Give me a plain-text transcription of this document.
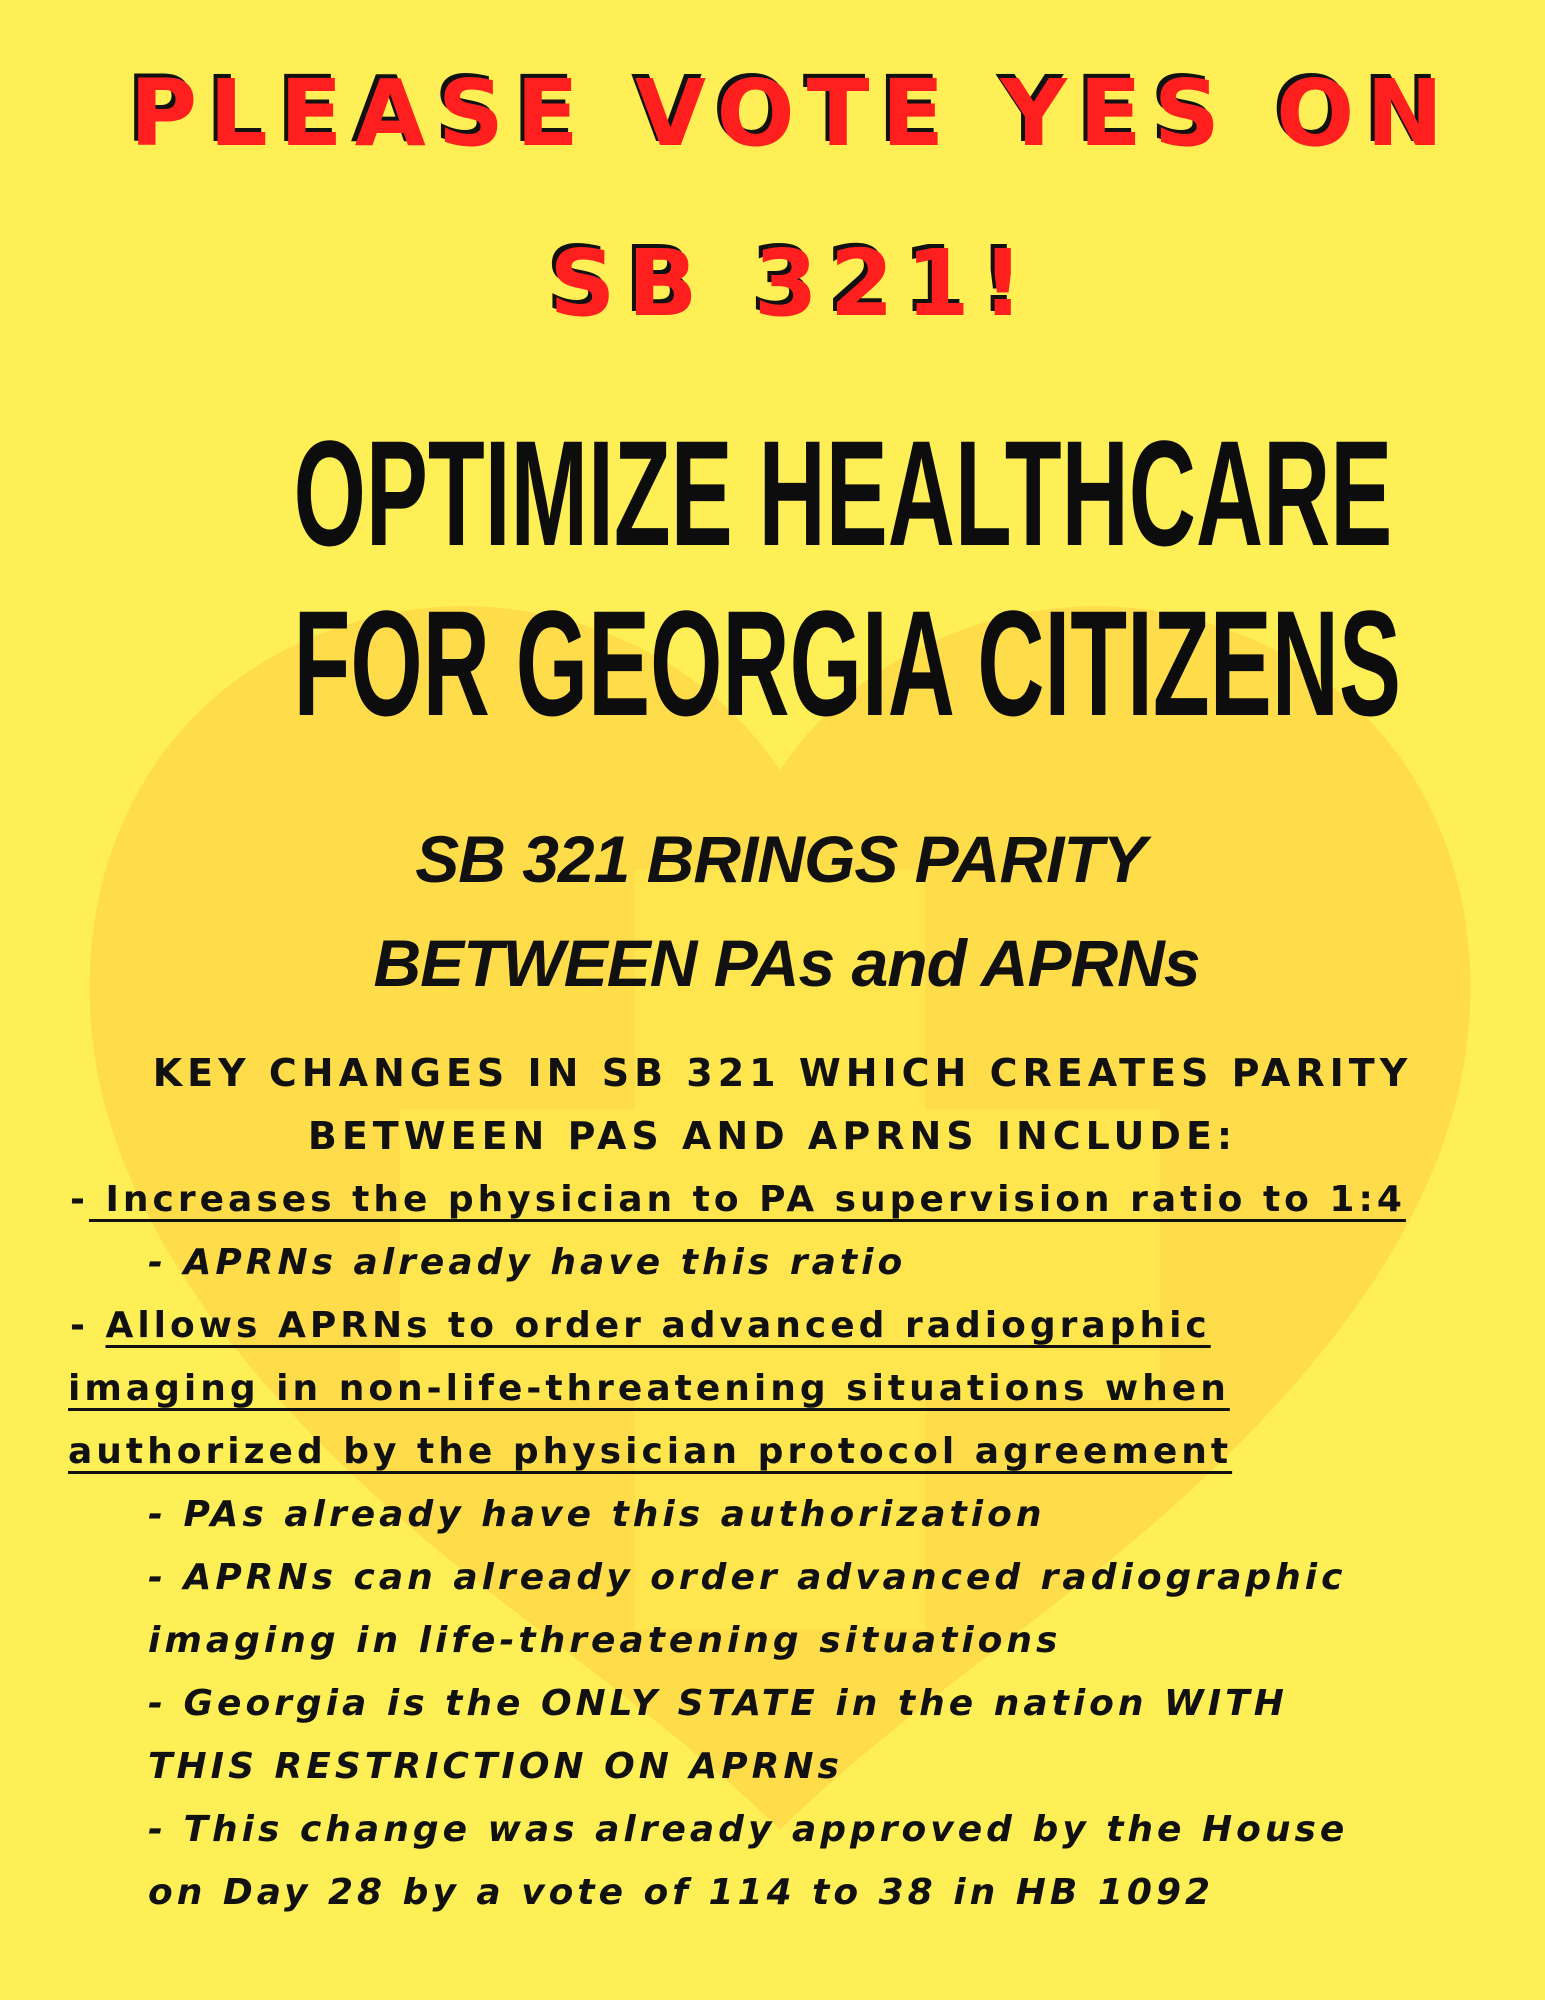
PLEASE VOTE YES ON
SB 321!
OPTIMIZE HEALTHCARE
FOR GEORGIA CITIZENS
SB 321 BRINGS PARITY
BETWEEN PAs and APRNs
KEY CHANGES IN SB 321 WHICH CREATES PARITY
BETWEEN PAS AND APRNS INCLUDE:
- Increases the physician to PA supervision ratio to 1:4
- APRNs already have this ratio
- Allows APRNs to order advanced radiographic
imaging in non-life-threatening situations when
authorized by the physician protocol agreement
- PAs already have this authorization
- APRNs can already order advanced radiographic
imaging in life-threatening situations
- Georgia is the ONLY STATE in the nation WITH
THIS RESTRICTION ON APRNs
- This change was already approved by the House
on Day 28 by a vote of 114 to 38 in HB 1092
